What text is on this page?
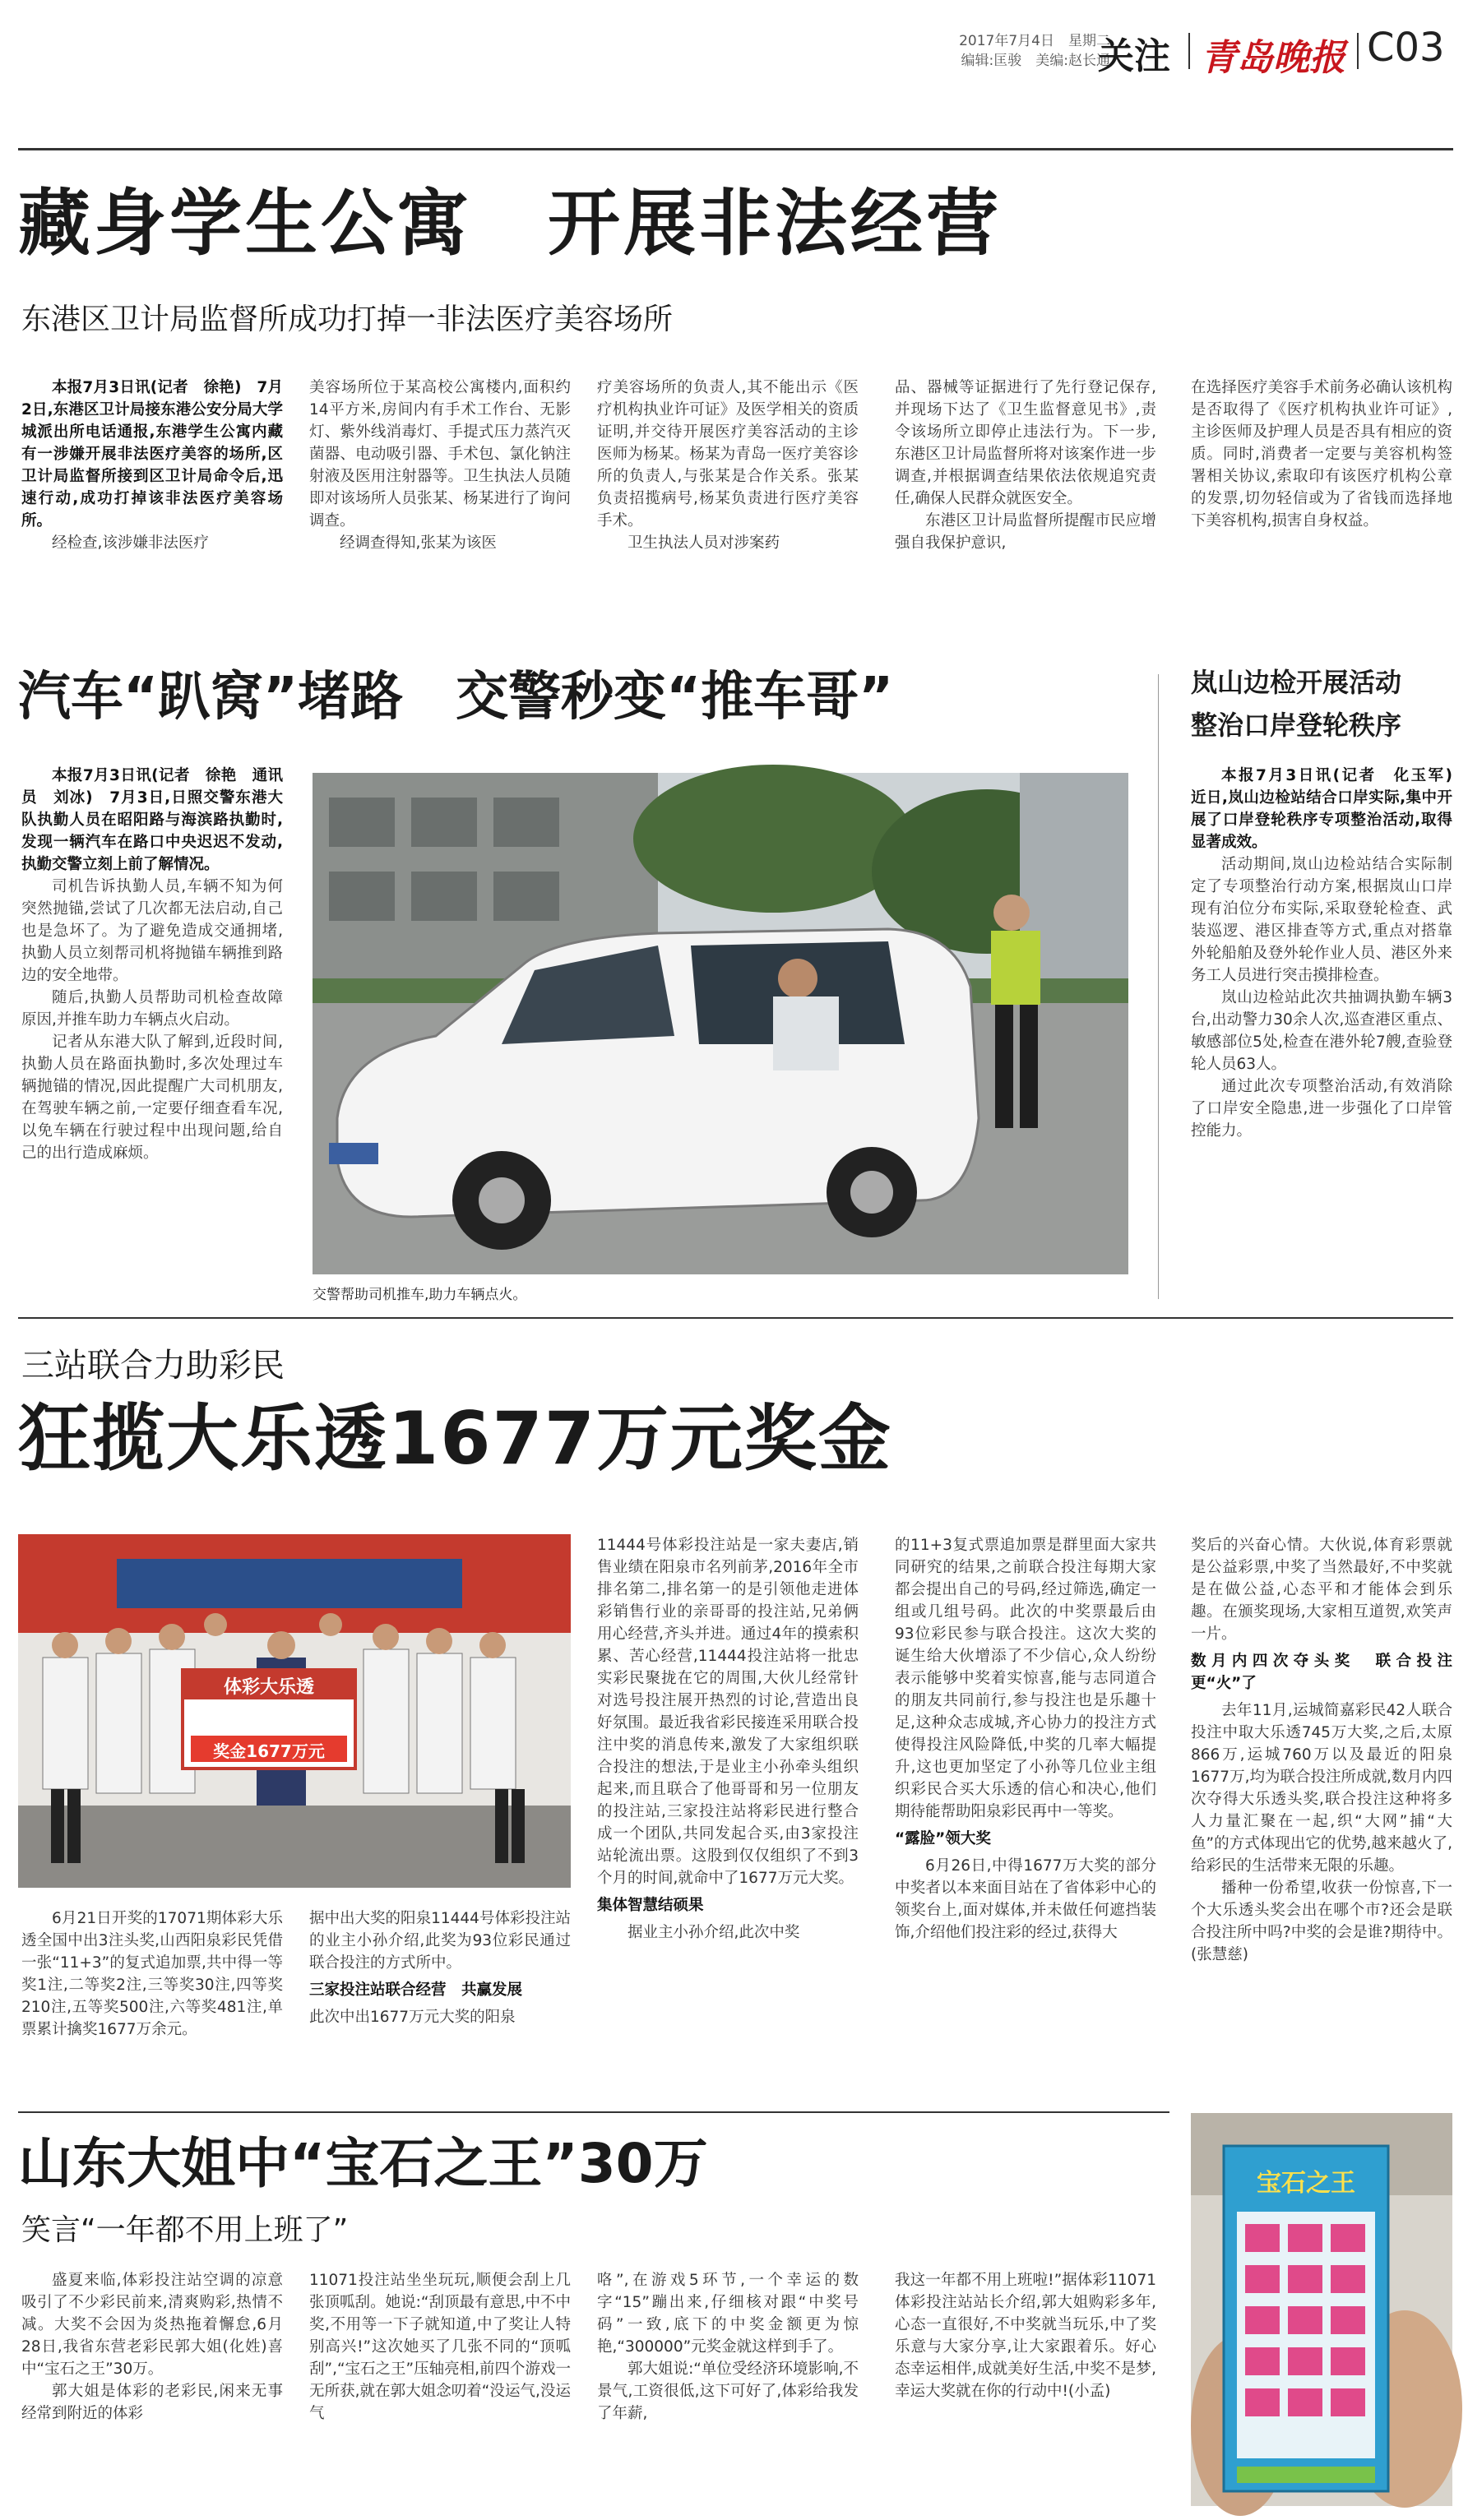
2017年7月4日　星期二
编辑:匡骏　美编:赵长通
关注 青岛晚报 C03
藏身学生公寓　开展非法经营
东港区卫计局监督所成功打掉一非法医疗美容场所

本报7月3日讯(记者　徐艳)　7月2日,东港区卫计局接东港公安分局大学城派出所电话通报,东港学生公寓内藏有一涉嫌开展非法医疗美容的场所,区卫计局监督所接到区卫计局命令后,迅速行动,成功打掉该非法医疗美容场所。

经检查,该涉嫌非法医疗

美容场所位于某高校公寓楼内,面积约14平方米,房间内有手术工作台、无影灯、紫外线消毒灯、手提式压力蒸汽灭菌器、电动吸引器、手术包、氯化钠注射液及医用注射器等。卫生执法人员随即对该场所人员张某、杨某进行了询问调查。

经调查得知,张某为该医

疗美容场所的负责人,其不能出示《医疗机构执业许可证》及医学相关的资质证明,并交待开展医疗美容活动的主诊医师为杨某。杨某为青岛一医疗美容诊所的负责人,与张某是合作关系。张某负责招揽病号,杨某负责进行医疗美容手术。

卫生执法人员对涉案药

品、器械等证据进行了先行登记保存,并现场下达了《卫生监督意见书》,责令该场所立即停止违法行为。下一步,东港区卫计局监督所将对该案作进一步调查,并根据调查结果依法依规追究责任,确保人民群众就医安全。

东港区卫计局监督所提醒市民应增强自我保护意识,

在选择医疗美容手术前务必确认该机构是否取得了《医疗机构执业许可证》,主诊医师及护理人员是否具有相应的资质。同时,消费者一定要与美容机构签署相关协议,索取印有该医疗机构公章的发票,切勿轻信或为了省钱而选择地下美容机构,损害自身权益。

汽车“趴窝”堵路　交警秒变“推车哥”

本报7月3日讯(记者　徐艳　通讯员　刘冰)　7月3日,日照交警东港大队执勤人员在昭阳路与海滨路执勤时,发现一辆汽车在路口中央迟迟不发动,执勤交警立刻上前了解情况。

司机告诉执勤人员,车辆不知为何突然抛锚,尝试了几次都无法启动,自己也是急坏了。为了避免造成交通拥堵,执勤人员立刻帮司机将抛锚车辆推到路边的安全地带。

随后,执勤人员帮助司机检查故障原因,并推车助力车辆点火启动。

记者从东港大队了解到,近段时间,执勤人员在路面执勤时,多次处理过车辆抛锚的情况,因此提醒广大司机朋友,在驾驶车辆之前,一定要仔细查看车况,以免车辆在行驶过程中出现问题,给自己的出行造成麻烦。

交警帮助司机推车,助力车辆点火。
岚山边检开展活动
整治口岸登轮秩序

本报7月3日讯(记者　化玉军)　近日,岚山边检站结合口岸实际,集中开展了口岸登轮秩序专项整治活动,取得显著成效。

活动期间,岚山边检站结合实际制定了专项整治行动方案,根据岚山口岸现有泊位分布实际,采取登轮检查、武装巡逻、港区排查等方式,重点对搭靠外轮船舶及登外轮作业人员、港区外来务工人员进行突击摸排检查。

岚山边检站此次共抽调执勤车辆3台,出动警力30余人次,巡查港区重点、敏感部位5处,检查在港外轮7艘,查验登轮人员63人。

通过此次专项整治活动,有效消除了口岸安全隐患,进一步强化了口岸管控能力。

三站联合力助彩民
狂揽大乐透1677万元奖金
体彩大乐透
奖金1677万元

6月21日开奖的17071期体彩大乐透全国中出3注头奖,山西阳泉彩民凭借一张“11+3”的复式追加票,共中得一等奖1注,二等奖2注,三等奖30注,四等奖210注,五等奖500注,六等奖481注,单票累计擒奖1677万余元。

据中出大奖的阳泉11444号体彩投注站的业主小孙介绍,此奖为93位彩民通过联合投注的方式所中。

三家投注站联合经营　共赢发展

此次中出1677万元大奖的阳泉

11444号体彩投注站是一家夫妻店,销售业绩在阳泉市名列前茅,2016年全市排名第二,排名第一的是引领他走进体彩销售行业的亲哥哥的投注站,兄弟俩用心经营,齐头并进。通过4年的摸索积累、苦心经营,11444投注站将一批忠实彩民聚拢在它的周围,大伙儿经常针对选号投注展开热烈的讨论,营造出良好氛围。最近我省彩民接连采用联合投注中奖的消息传来,激发了大家组织联合投注的想法,于是业主小孙牵头组织起来,而且联合了他哥哥和另一位朋友的投注站,三家投注站将彩民进行整合成一个团队,共同发起合买,由3家投注站轮流出票。这股到仅仅组织了不到3个月的时间,就命中了1677万元大奖。

集体智慧结硕果

据业主小孙介绍,此次中奖

的11+3复式票追加票是群里面大家共同研究的结果,之前联合投注每期大家都会提出自己的号码,经过筛选,确定一组或几组号码。此次的中奖票最后由93位彩民参与联合投注。这次大奖的诞生给大伙增添了不少信心,众人纷纷表示能够中奖着实惊喜,能与志同道合的朋友共同前行,参与投注也是乐趣十足,这种众志成城,齐心协力的投注方式使得投注风险降低,中奖的几率大幅提升,这也更加坚定了小孙等几位业主组织彩民合买大乐透的信心和决心,他们期待能帮助阳泉彩民再中一等奖。

“露脸”领大奖

6月26日,中得1677万大奖的部分中奖者以本来面目站在了省体彩中心的领奖台上,面对媒体,并未做任何遮挡装饰,介绍他们投注彩的经过,获得大

奖后的兴奋心情。大伙说,体育彩票就是公益彩票,中奖了当然最好,不中奖就是在做公益,心态平和才能体会到乐趣。在颁奖现场,大家相互道贺,欢笑声一片。

数月内四次夺头奖　联合投注更“火”了

去年11月,运城简嘉彩民42人联合投注中取大乐透745万大奖,之后,太原866万,运城760万以及最近的阳泉1677万,均为联合投注所成就,数月内四次夺得大乐透头奖,联合投注这种将多人力量汇聚在一起,织“大网”捕“大鱼”的方式体现出它的优势,越来越火了,给彩民的生活带来无限的乐趣。

播种一份希望,收获一份惊喜,下一个大乐透头奖会出在哪个市?还会是联合投注所中吗?中奖的会是谁?期待中。(张慧慈)

山东大姐中“宝石之王”30万
笑言“一年都不用上班了”

盛夏来临,体彩投注站空调的凉意吸引了不少彩民前来,清爽购彩,热情不减。大奖不会因为炎热拖着懈怠,6月28日,我省东营老彩民郭大姐(化姓)喜中“宝石之王”30万。

郭大姐是体彩的老彩民,闲来无事经常到附近的体彩

11071投注站坐坐玩玩,顺便会刮上几张顶呱刮。她说:“刮顶最有意思,中不中奖,不用等一下子就知道,中了奖让人特别高兴!”这次她买了几张不同的“顶呱刮”,“宝石之王”压轴亮相,前四个游戏一无所获,就在郭大姐念叨着“没运气,没运气

咯”,在游戏5环节,一个幸运的数字“15”蹦出来,仔细核对跟“中奖号码”一致,底下的中奖金额更为惊艳,“300000”元奖金就这样到手了。

郭大姐说:“单位受经济环境影响,不景气,工资很低,这下可好了,体彩给我发了年薪,

我这一年都不用上班啦!”据体彩11071体彩投注站站长介绍,郭大姐购彩多年,心态一直很好,不中奖就当玩乐,中了奖乐意与大家分享,让大家跟着乐。好心态幸运相伴,成就美好生活,中奖不是梦,幸运大奖就在你的行动中!(小孟)

宝石之王
